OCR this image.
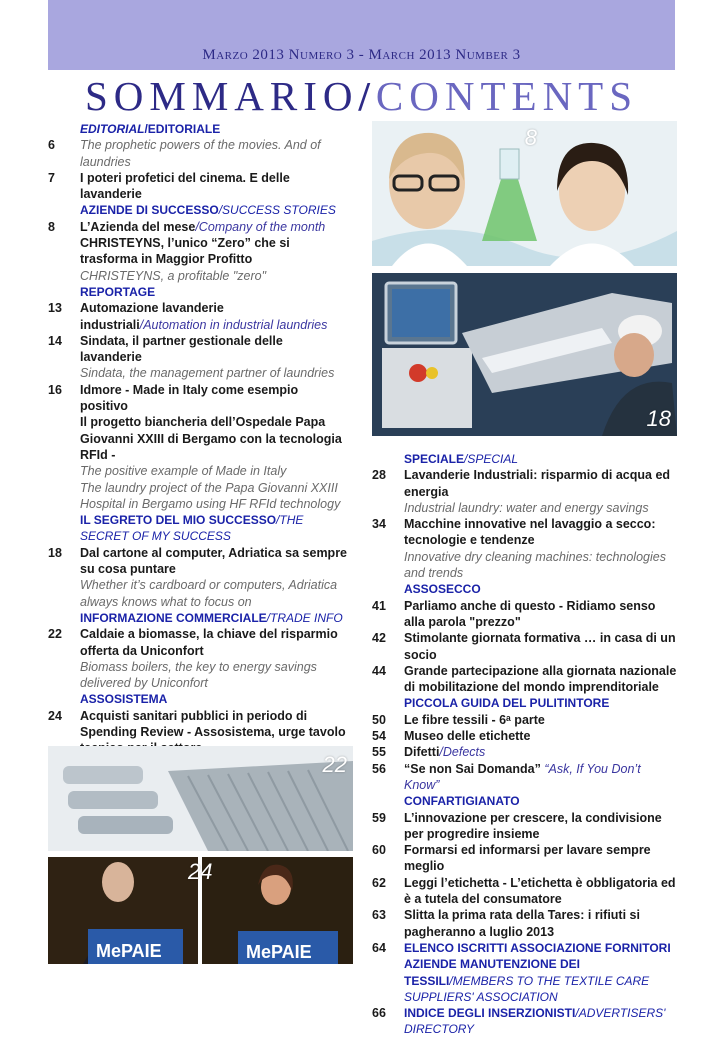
Marzo 2013 Numero 3 - March 2013 Number 3
SOMMARIO/CONTENTS
EDITORIAL/EDITORIALE
6	The prophetic powers of the movies. And of laundries
7	I poteri profetici del cinema. E delle lavanderie
AZIENDE DI SUCCESSO/SUCCESS STORIES
8	L’Azienda del mese/Company of the month
CHRISTEYNS, l’unico “Zero” che si trasforma in Maggior Profitto
CHRISTEYNS, a profitable "zero"
REPORTAGE
13	Automazione lavanderie industriali/Automation in industrial laundries
14	Sindata, il partner gestionale delle lavanderie
Sindata, the management partner of laundries
16	Idmore - Made in Italy come esempio positivo
Il progetto biancheria dell’Ospedale Papa Giovanni XXIII di Bergamo con la tecnologia RFId -
The positive example of Made in Italy
The laundry project of the Papa Giovanni XXIII Hospital in Bergamo using HF RFId technology
IL SEGRETO DEL MIO SUCCESSO/THE SECRET OF MY SUCCESS
18	Dal cartone al computer, Adriatica sa sempre su cosa puntare
Whether it’s cardboard or computers, Adriatica always knows what to focus on
INFORMAZIONE COMMERCIALE/TRADE INFO
22	Caldaie a biomasse, la chiave del risparmio offerta da Uniconfort
Biomass boilers, the key to energy savings delivered by Uniconfort
ASSOSISTEMA
24	Acquisti sanitari pubblici in periodo di Spending Review - Assosistema, urge tavolo
SPECIALE/SPECIAL
28	Lavanderie Industriali: risparmio di acqua ed energia
Industrial laundry: water and energy savings
34	Macchine innovative nel lavaggio a secco: tecnologie e tendenze
Innovative dry cleaning machines: technologies and trends
ASSOSECCO
41	Parliamo anche di questo - Ridiamo senso alla parola "prezzo"
42	Stimolante giornata formativa … in casa di un socio
44	Grande partecipazione alla giornata nazionale di mobilitazione del mondo imprenditoriale
PICCOLA GUIDA DEL PULITINTORE
50	Le fibre tessili - 6ᵃ parte
54	Museo delle etichette
55	Difetti/Defects
56	“Se non Sai Domanda” “Ask, If You Don’t Know”
CONFARTIGIANATO
59	L’innovazione per crescere, la condivisione per progredire insieme
60	Formarsi ed informarsi per lavare sempre meglio
62	Leggi l’etichetta - L’etichetta è obbligatoria ed è a tutela del consumatore
63	Slitta la prima rata della Tares: i rifiuti si pagheranno a luglio 2013
64	ELENCO ISCRITTI ASSOCIAZIONE FORNITORI AZIENDE MANUTENZIONE DEI TESSILI/MEMBERS TO THE TEXTILE CARE SUPPLIERS' ASSOCIATION
66	INDICE DEGLI INSERZIONISTI/ADVERTISERS' DIRECTORY
8
18
22
MePAIE	MePAIE
24
